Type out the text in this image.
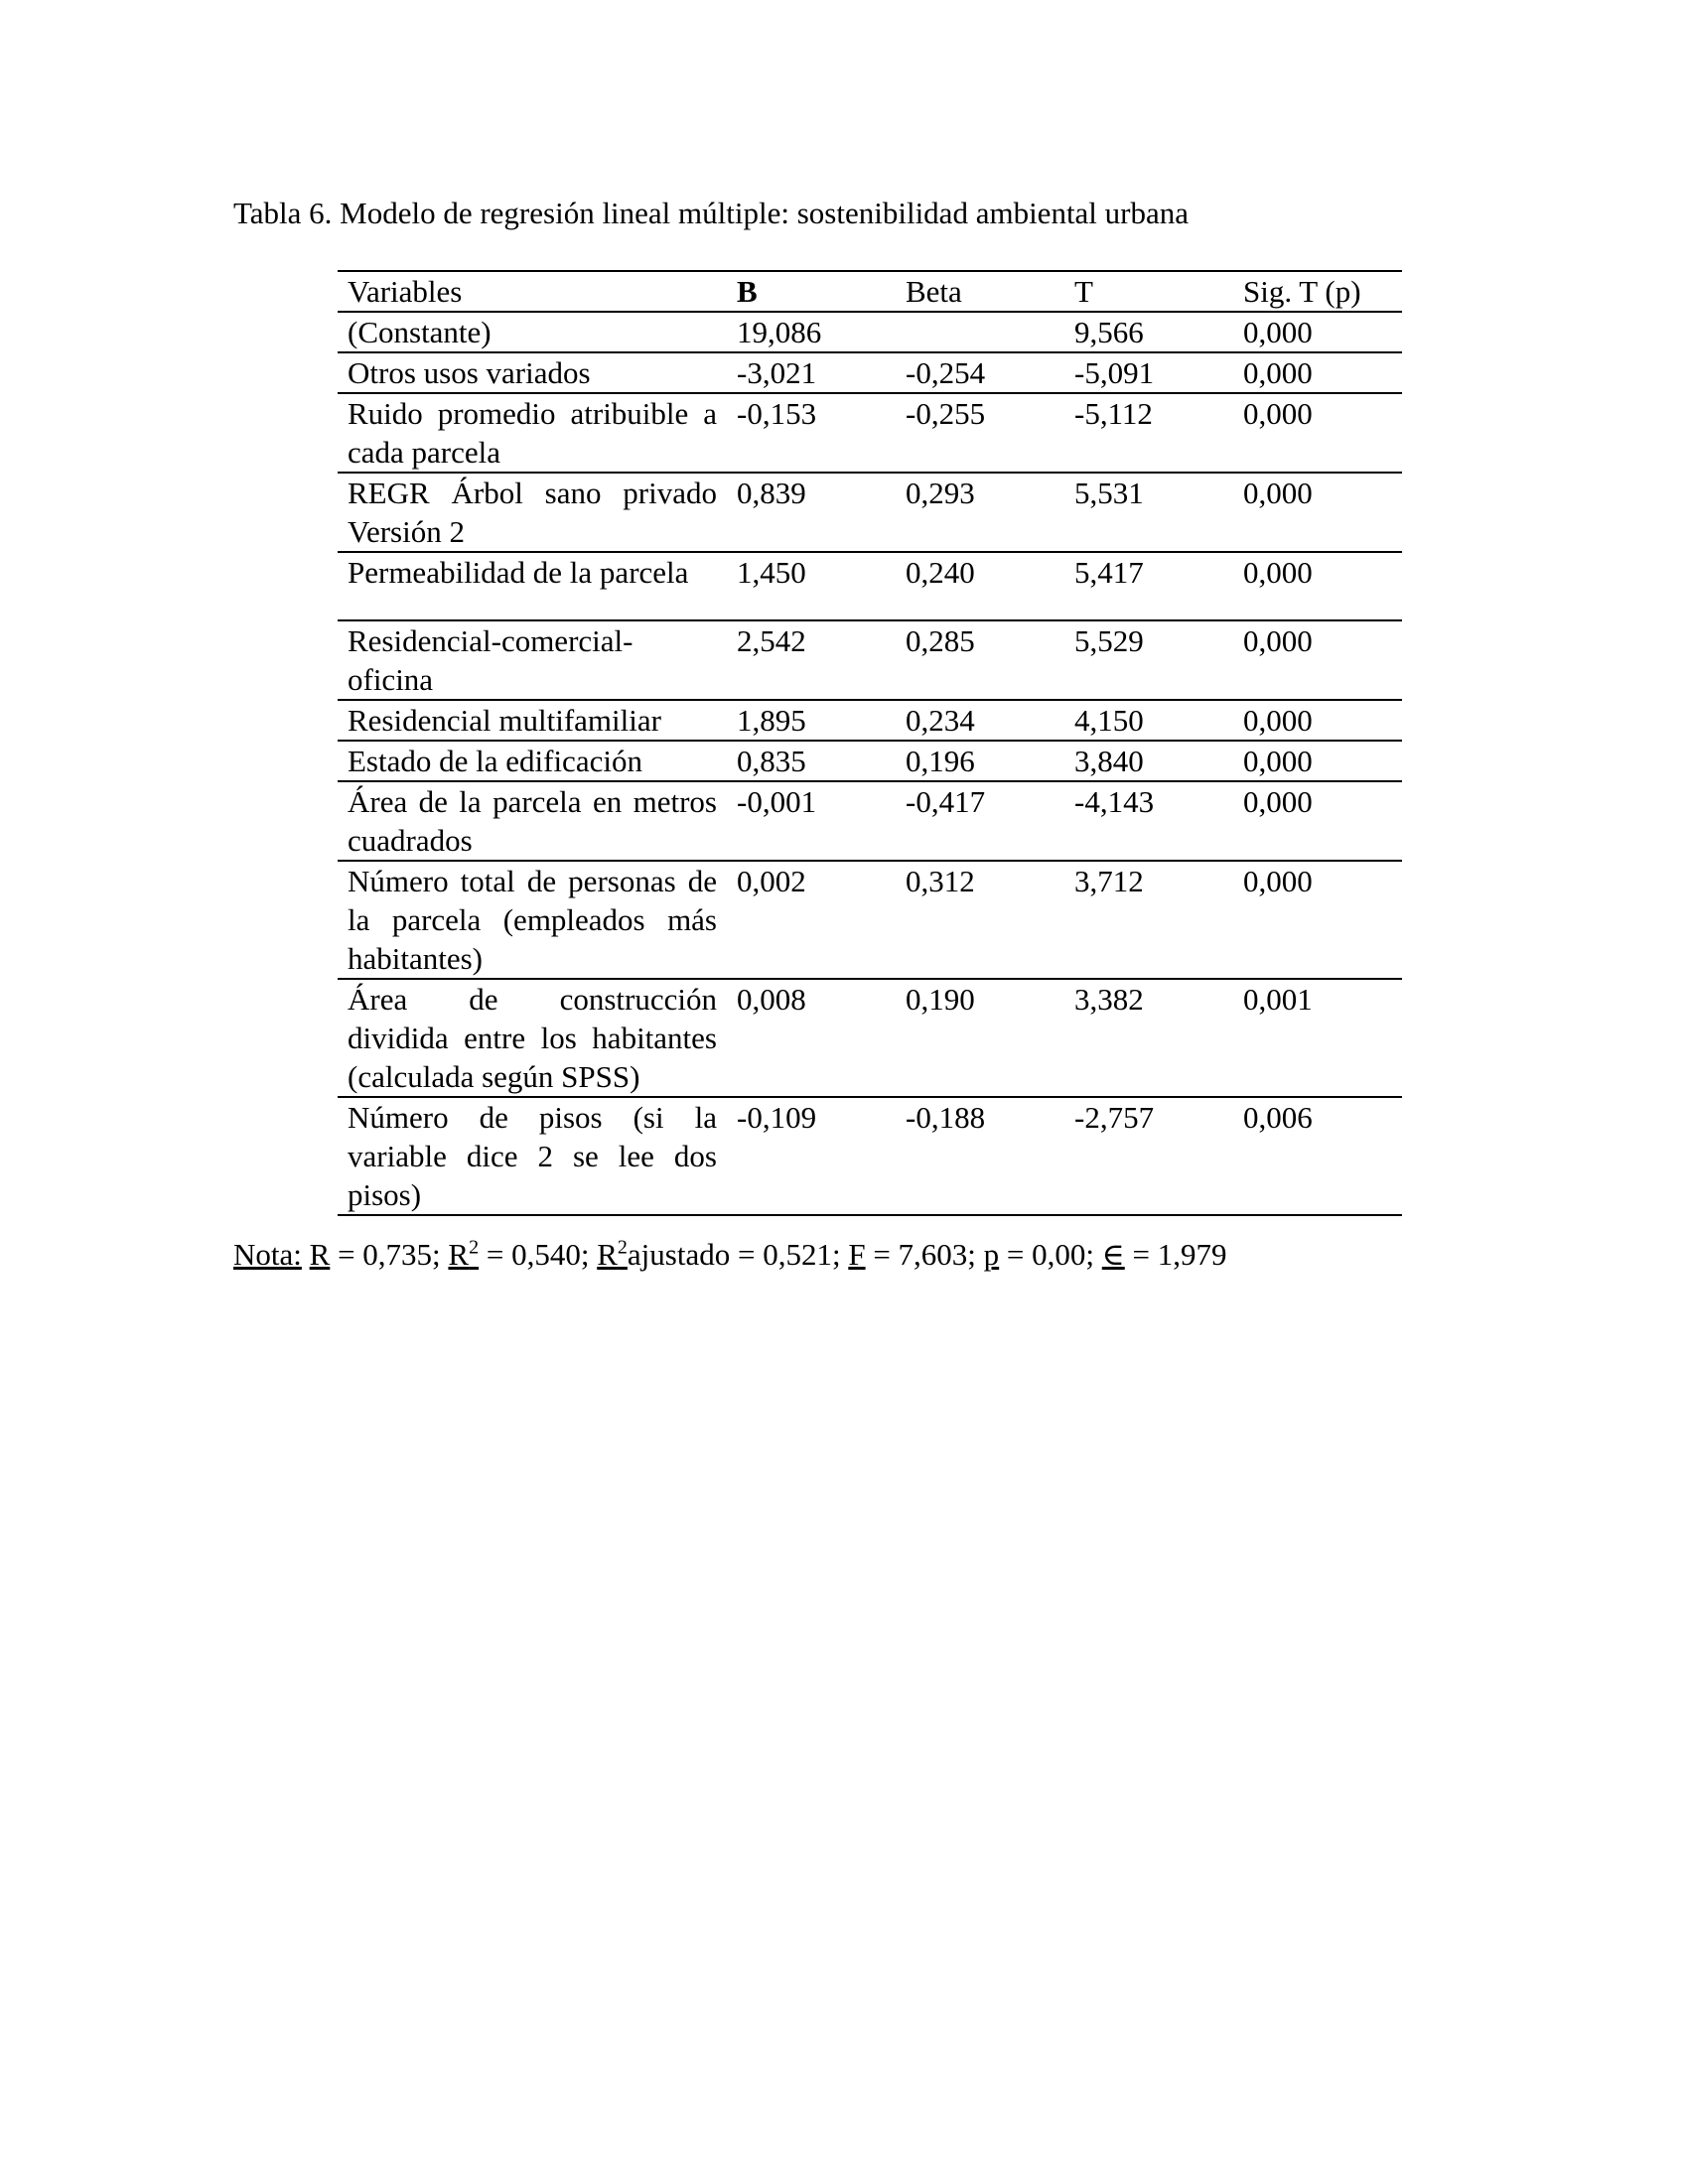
Tabla 6. Modelo de regresión lineal múltiple: sostenibilidad ambiental urbana
Variables	B	Beta	T	Sig. T (p)
(Constante)	19,086		9,566	0,000
Otros usos variados	-3,021	-0,254	-5,091	0,000
Ruido promedio atribuible a cada parcela	-0,153	-0,255	-5,112	0,000
REGR Árbol sano privado Versión 2	0,839	0,293	5,531	0,000
Permeabilidad de la parcela	1,450	0,240	5,417	0,000
Residencial-comercial-oficina	2,542	0,285	5,529	0,000
Residencial multifamiliar	1,895	0,234	4,150	0,000
Estado de la edificación	0,835	0,196	3,840	0,000
Área de la parcela en metros cuadrados	-0,001	-0,417	-4,143	0,000
Número total de personas de la parcela (empleados más habitantes)	0,002	0,312	3,712	0,000
Área de construcción dividida entre los habitantes (calculada según SPSS)	0,008	0,190	3,382	0,001
Número de pisos (si la variable dice 2 se lee dos pisos)	-0,109	-0,188	-2,757	0,006
Nota: R = 0,735; $R^2 = 0,540$; $R^2ajustado = 0,521$; F = 7,603; p = 0,00; ∈ = 1,979
